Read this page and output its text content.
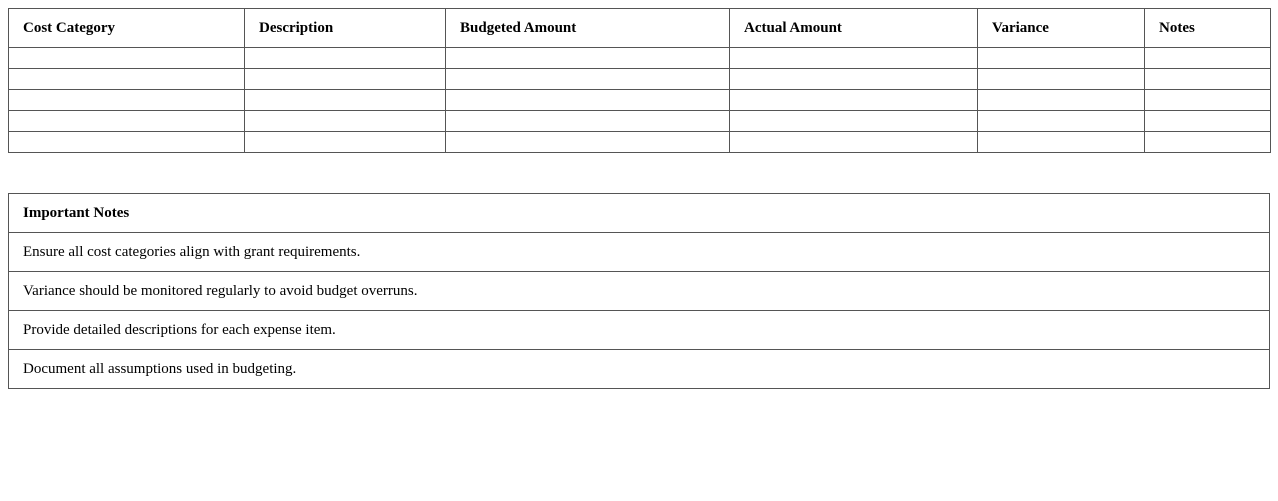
Cost Category	Description	Budgeted Amount	Actual Amount	Variance	Notes

Important Notes
Ensure all cost categories align with grant requirements.
Variance should be monitored regularly to avoid budget overruns.
Provide detailed descriptions for each expense item.
Document all assumptions used in budgeting.
